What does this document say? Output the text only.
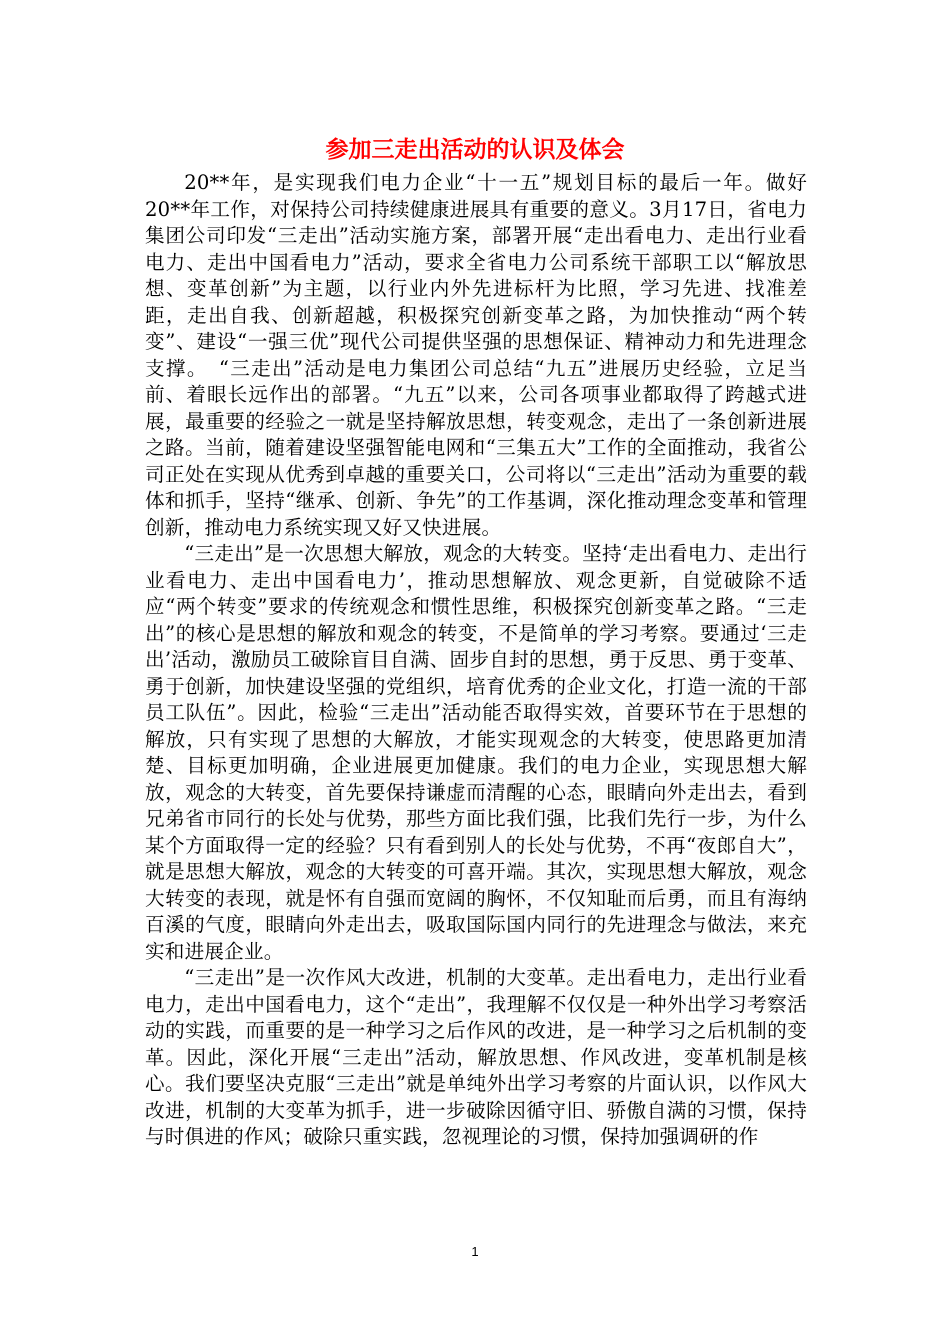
参加三走出活动的认识及体会

20**年，是实现我们电力企业“十一五”规划目标的最后一年。做好20**年工作，对保持公司持续健康进展具有重要的意义。3月17日，省电力集团公司印发“三走出”活动实施方案，部署开展“走出看电力、走出行业看电力、走出中国看电力”活动，要求全省电力公司系统干部职工以“解放思想、变革创新”为主题，以行业内外先进标杆为比照，学习先进、找准差距，走出自我、创新超越，积极探究创新变革之路，为加快推动“两个转变”、建设“一强三优”现代公司提供坚强的思想保证、精神动力和先进理念支撑。　“三走出”活动是电力集团公司总结“九五”进展历史经验，立足当前、着眼长远作出的部署。“九五”以来，公司各项事业都取得了跨越式进展，最重要的经验之一就是坚持解放思想，转变观念，走出了一条创新进展之路。当前，随着建设坚强智能电网和“三集五大”工作的全面推动，我省公司正处在实现从优秀到卓越的重要关口，公司将以“三走出”活动为重要的载体和抓手，坚持“继承、创新、争先”的工作基调，深化推动理念变革和管理创新，推动电力系统实现又好又快进展。

“三走出”是一次思想大解放，观念的大转变。坚持‘走出看电力、走出行业看电力、走出中国看电力’，推动思想解放、观念更新，自觉破除不适应“两个转变”要求的传统观念和惯性思维，积极探究创新变革之路。“三走出”的核心是思想的解放和观念的转变，不是简单的学习考察。要通过‘三走出’活动，激励员工破除盲目自满、固步自封的思想，勇于反思、勇于变革、勇于创新，加快建设坚强的党组织，培育优秀的企业文化，打造一流的干部员工队伍”。因此，检验“三走出”活动能否取得实效，首要环节在于思想的解放，只有实现了思想的大解放，才能实现观念的大转变，使思路更加清楚、目标更加明确，企业进展更加健康。我们的电力企业，实现思想大解放，观念的大转变，首先要保持谦虚而清醒的心态，眼睛向外走出去，看到兄弟省市同行的长处与优势，那些方面比我们强，比我们先行一步，为什么某个方面取得一定的经验？只有看到别人的长处与优势，不再“夜郎自大”，就是思想大解放，观念的大转变的可喜开端。其次，实现思想大解放，观念大转变的表现，就是怀有自强而宽阔的胸怀，不仅知耻而后勇，而且有海纳百溪的气度，眼睛向外走出去，吸取国际国内同行的先进理念与做法，来充实和进展企业。

“三走出”是一次作风大改进，机制的大变革。走出看电力，走出行业看电力，走出中国看电力，这个“走出”，我理解不仅仅是一种外出学习考察活动的实践，而重要的是一种学习之后作风的改进，是一种学习之后机制的变革。因此，深化开展“三走出”活动，解放思想、作风改进，变革机制是核心。我们要坚决克服“三走出”就是单纯外出学习考察的片面认识，以作风大改进，机制的大变革为抓手，进一步破除因循守旧、骄傲自满的习惯，保持与时俱进的作风；破除只重实践，忽视理论的习惯，保持加强调研的作

1
